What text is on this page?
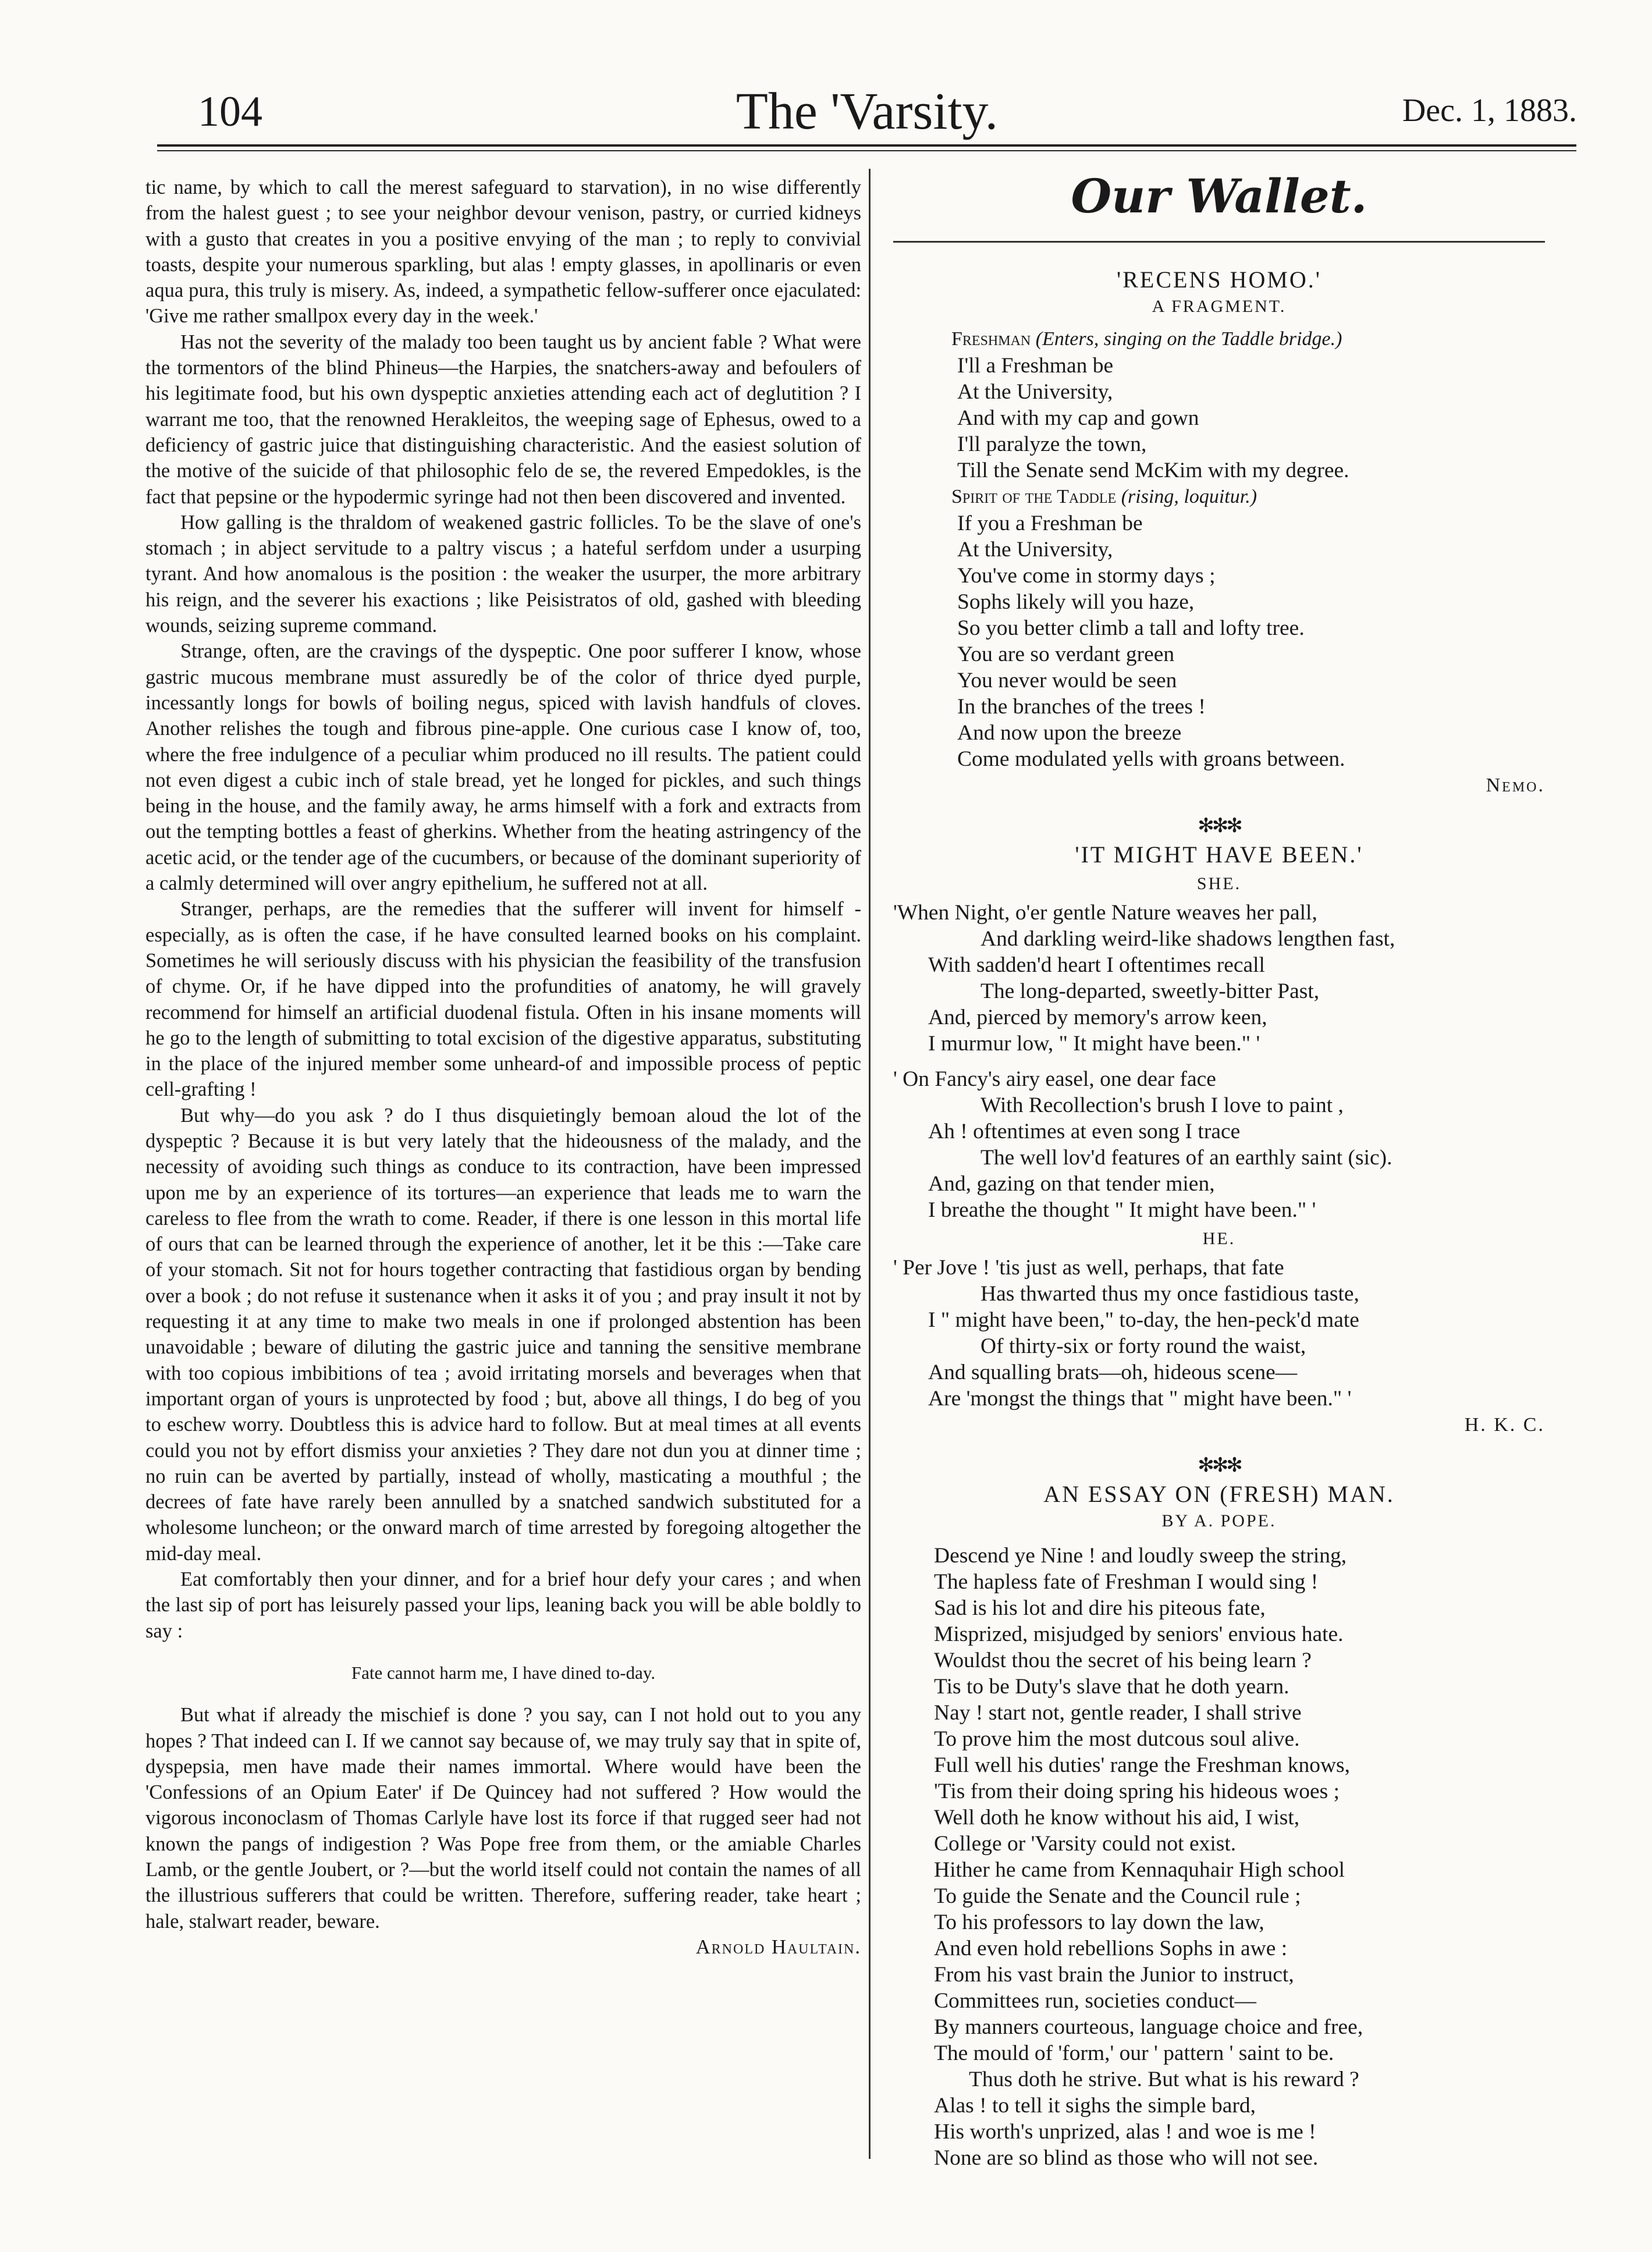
104	The 'Varsity.	Dec. 1, 1883.

tic name, by which to call the merest safeguard to starvation), in no wise differently from the halest guest ; to see your neighbor devour venison, pastry, or curried kidneys with a gusto that creates in you a positive envying of the man ; to reply to convivial toasts, despite your numerous sparkling, but alas ! empty glasses, in apollinaris or even aqua pura, this truly is misery. As, indeed, a sympathetic fellow-sufferer once ejaculated: 'Give me rather smallpox every day in the week.'

Has not the severity of the malady too been taught us by ancient fable ? What were the tormentors of the blind Phineus—the Harpies, the snatchers-away and befoulers of his legitimate food, but his own dyspeptic anxieties attending each act of deglutition ? I warrant me too, that the renowned Herakleitos, the weeping sage of Ephesus, owed to a deficiency of gastric juice that distinguishing characteristic. And the easiest solution of the motive of the suicide of that philosophic felo de se, the revered Empedokles, is the fact that pepsine or the hypodermic syringe had not then been discovered and invented.

How galling is the thraldom of weakened gastric follicles. To be the slave of one's stomach ; in abject servitude to a paltry viscus ; a hateful serfdom under a usurping tyrant. And how anomalous is the position : the weaker the usurper, the more arbitrary his reign, and the severer his exactions ; like Peisistratos of old, gashed with bleeding wounds, seizing supreme command.

Strange, often, are the cravings of the dyspeptic. One poor sufferer I know, whose gastric mucous membrane must assuredly be of the color of thrice dyed purple, incessantly longs for bowls of boiling negus, spiced with lavish handfuls of cloves. Another relishes the tough and fibrous pine-apple. One curious case I know of, too, where the free indulgence of a peculiar whim produced no ill results. The patient could not even digest a cubic inch of stale bread, yet he longed for pickles, and such things being in the house, and the family away, he arms himself with a fork and extracts from out the tempting bottles a feast of gherkins. Whether from the heating astringency of the acetic acid, or the tender age of the cucumbers, or because of the dominant superiority of a calmly determined will over angry epithelium, he suffered not at all.

Stranger, perhaps, are the remedies that the sufferer will invent for himself - especially, as is often the case, if he have consulted learned books on his complaint. Sometimes he will seriously discuss with his physician the feasibility of the transfusion of chyme. Or, if he have dipped into the profundities of anatomy, he will gravely recommend for himself an artificial duodenal fistula. Often in his insane moments will he go to the length of submitting to total excision of the digestive apparatus, substituting in the place of the injured member some unheard-of and impossible process of peptic cell-grafting !

But why—do you ask ? do I thus disquietingly bemoan aloud the lot of the dyspeptic ? Because it is but very lately that the hideousness of the malady, and the necessity of avoiding such things as conduce to its contraction, have been impressed upon me by an experience of its tortures—an experience that leads me to warn the careless to flee from the wrath to come. Reader, if there is one lesson in this mortal life of ours that can be learned through the experience of another, let it be this :—Take care of your stomach. Sit not for hours together contracting that fastidious organ by bending over a book ; do not refuse it sustenance when it asks it of you ; and pray insult it not by requesting it at any time to make two meals in one if prolonged abstention has been unavoidable ; beware of diluting the gastric juice and tanning the sensitive membrane with too copious imbibitions of tea ; avoid irritating morsels and beverages when that important organ of yours is unprotected by food ; but, above all things, I do beg of you to eschew worry. Doubtless this is advice hard to follow. But at meal times at all events could you not by effort dismiss your anxieties ? They dare not dun you at dinner time ; no ruin can be averted by partially, instead of wholly, masticating a mouthful ; the decrees of fate have rarely been annulled by a snatched sandwich substituted for a wholesome luncheon; or the onward march of time arrested by foregoing altogether the mid-day meal.

Eat comfortably then your dinner, and for a brief hour defy your cares ; and when the last sip of port has leisurely passed your lips, leaning back you will be able boldly to say :

Fate cannot harm me, I have dined to-day.

But what if already the mischief is done ? you say, can I not hold out to you any hopes ? That indeed can I. If we cannot say because of, we may truly say that in spite of, dyspepsia, men have made their names immortal. Where would have been the 'Confessions of an Opium Eater' if De Quincey had not suffered ? How would the vigorous inconoclasm of Thomas Carlyle have lost its force if that rugged seer had not known the pangs of indigestion ? Was Pope free from them, or the amiable Charles Lamb, or the gentle Joubert, or ?—but the world itself could not contain the names of all the illustrious sufferers that could be written. Therefore, suffering reader, take heart ; hale, stalwart reader, beware.

Arnold Haultain.
Our Wallet.
'RECENS HOMO.'
A FRAGMENT.
Freshman (Enters, singing on the Taddle bridge.)

I'll a Freshman be

At the University,

And with my cap and gown

I'll paralyze the town,

Till the Senate send McKim with my degree.

Spirit of the Taddle (rising, loquitur.)

If you a Freshman be

At the University,

You've come in stormy days ;

Sophs likely will you haze,

So you better climb a tall and lofty tree.

You are so verdant green

You never would be seen

In the branches of the trees !

And now upon the breeze

Come modulated yells with groans between.

Nemo.
✻✻✻
'IT MIGHT HAVE BEEN.'
SHE.

'When Night, o'er gentle Nature weaves her pall,

And darkling weird-like shadows lengthen fast,

With sadden'd heart I oftentimes recall

The long-departed, sweetly-bitter Past,

And, pierced by memory's arrow keen,

I murmur low, " It might have been." '

' On Fancy's airy easel, one dear face

With Recollection's brush I love to paint ,

Ah ! oftentimes at even song I trace

The well lov'd features of an earthly saint (sic).

And, gazing on that tender mien,

I breathe the thought " It might have been." '

HE.

' Per Jove ! 'tis just as well, perhaps, that fate

Has thwarted thus my once fastidious taste,

I " might have been," to-day, the hen-peck'd mate

Of thirty-six or forty round the waist,

And squalling brats—oh, hideous scene—

Are 'mongst the things that " might have been." '

H. K. C.
✻✻✻
AN ESSAY ON (FRESH) MAN.
BY A. POPE.

Descend ye Nine ! and loudly sweep the string,

The hapless fate of Freshman I would sing !

Sad is his lot and dire his piteous fate,

Misprized, misjudged by seniors' envious hate.

Wouldst thou the secret of his being learn ?

Tis to be Duty's slave that he doth yearn.

Nay ! start not, gentle reader, I shall strive

To prove him the most dutcous soul alive.

Full well his duties' range the Freshman knows,

'Tis from their doing spring his hideous woes ;

Well doth he know without his aid, I wist,

College or 'Varsity could not exist.

Hither he came from Kennaquhair High school

To guide the Senate and the Council rule ;

To his professors to lay down the law,

And even hold rebellions Sophs in awe :

From his vast brain the Junior to instruct,

Committees run, societies conduct—

By manners courteous, language choice and free,

The mould of 'form,' our ' pattern ' saint to be.

Thus doth he strive. But what is his reward ?

Alas ! to tell it sighs the simple bard,

His worth's unprized, alas ! and woe is me !

None are so blind as those who will not see.
